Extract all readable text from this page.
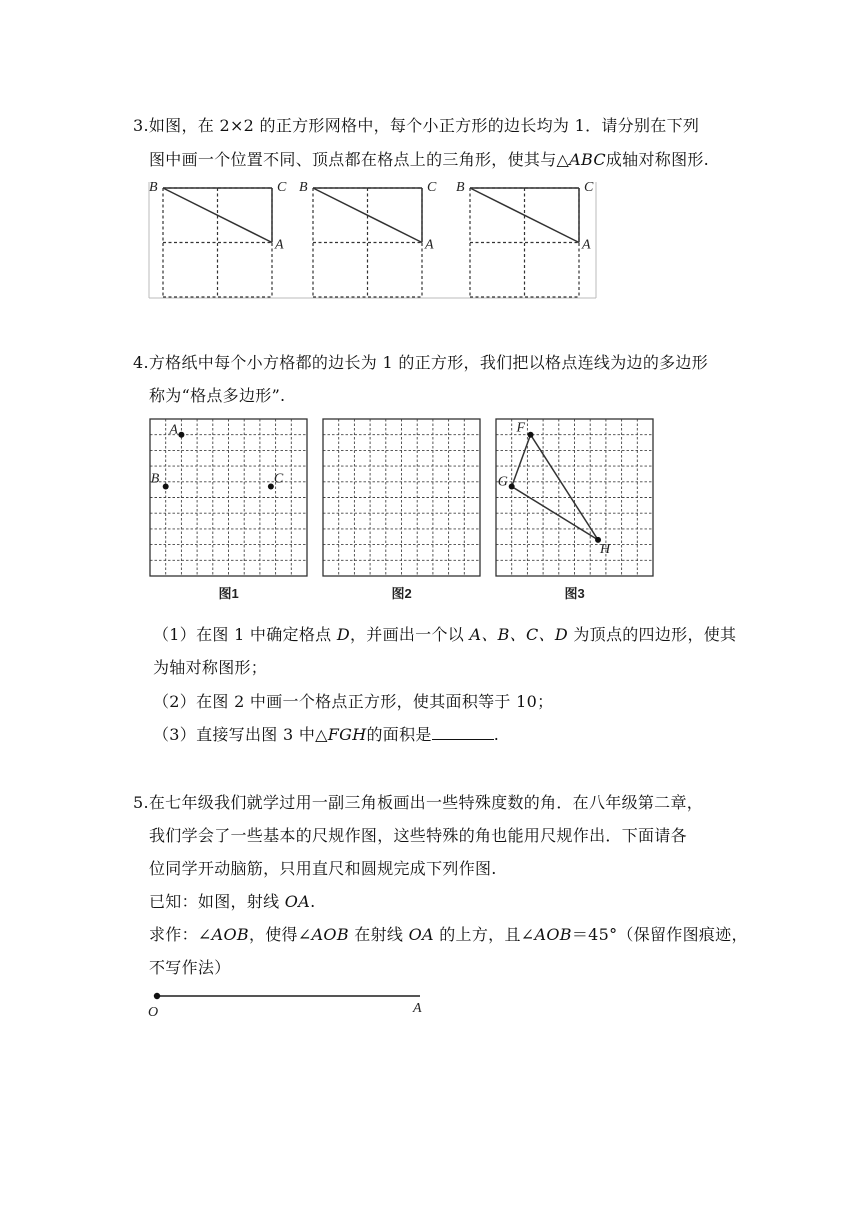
3.如图，在 2×2 的正方形网格中，每个小正方形的边长均为 1．请分别在下列
图中画一个位置不同、顶点都在格点上的三角形，使其与△ABC成轴对称图形.
B	C
A
B	C
A
B	C
A
4.方格纸中每个小方格都的边长为 1 的正方形，我们把以格点连线为边的多边形
称为“格点多边形”.
图1
A
B	C
图2	图3
F
G
H
（1）在图 1 中确定格点 D，并画出一个以 A、B、C、D 为顶点的四边形，使其
为轴对称图形；
（2）在图 2 中画一个格点正方形，使其面积等于 10；
（3）直接写出图 3 中△FGH的面积是	.
5.在七年级我们就学过用一副三角板画出一些特殊度数的角．在八年级第二章，
我们学会了一些基本的尺规作图，这些特殊的角也能用尺规作出．下面请各
位同学开动脑筋，只用直尺和圆规完成下列作图.
已知：如图，射线 OA.
求作：∠AOB，使得∠AOB 在射线 OA 的上方，且∠AOB＝45°（保留作图痕迹，
不写作法）
O	A
